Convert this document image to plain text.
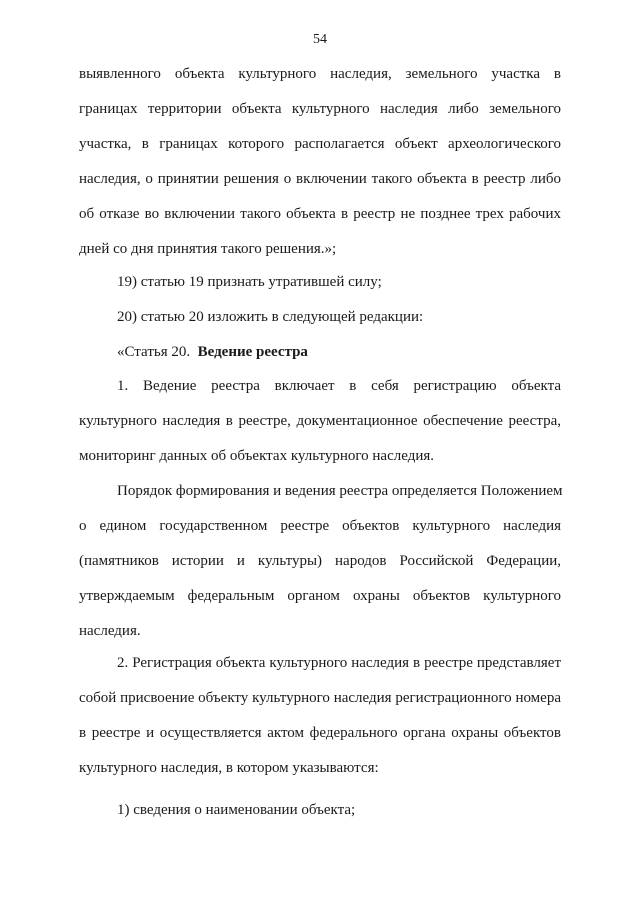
54
выявленного объекта культурного наследия, земельного участка в
границах территории объекта культурного наследия либо земельного
участка, в границах которого располагается объект археологического
наследия, о принятии решения о включении такого объекта в реестр либо
об отказе во включении такого объекта в реестр не позднее трех рабочих
дней со дня принятия такого решения.»;
19) статью 19 признать утратившей силу;
20) статью 20 изложить в следующей редакции:
«Статья 20. Ведение реестра
1. Ведение реестра включает в себя регистрацию объекта
культурного наследия в реестре, документационное обеспечение реестра,
мониторинг данных об объектах культурного наследия.
Порядок формирования и ведения реестра определяется Положением
о едином государственном реестре объектов культурного наследия
(памятников истории и культуры) народов Российской Федерации,
утверждаемым федеральным органом охраны объектов культурного
наследия.
2. Регистрация объекта культурного наследия в реестре представляет
собой присвоение объекту культурного наследия регистрационного номера
в реестре и осуществляется актом федерального органа охраны объектов
культурного наследия, в котором указываются:
1) сведения о наименовании объекта;
